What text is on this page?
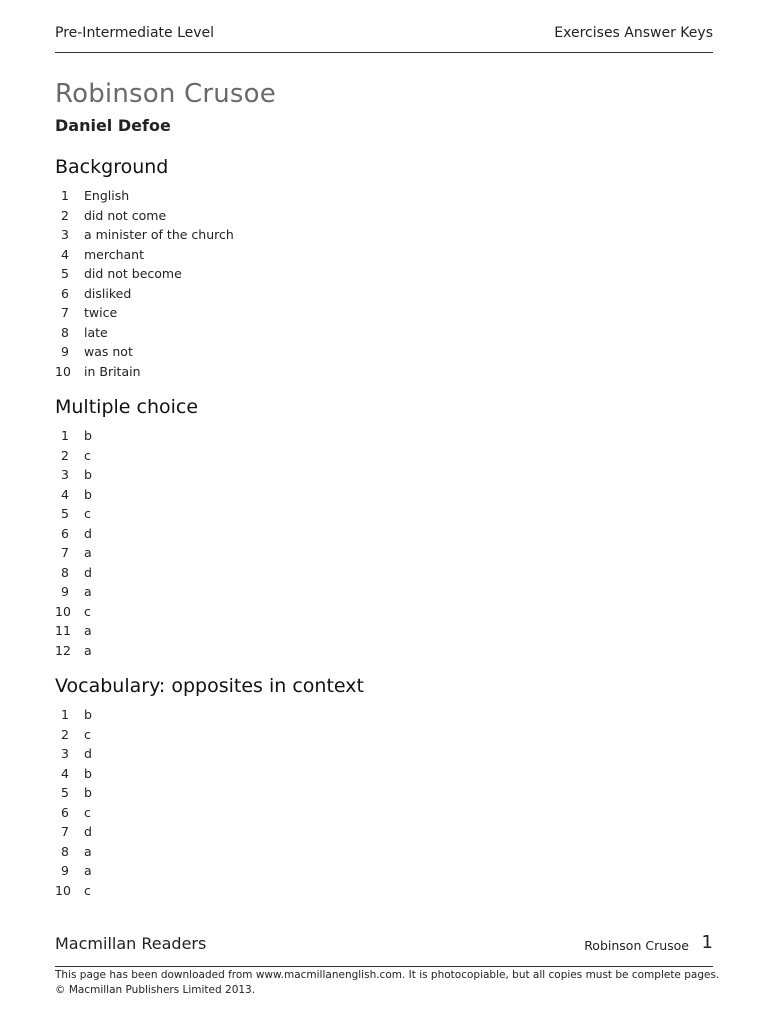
Pre-Intermediate Level	Exercises Answer Keys
Robinson Crusoe
Daniel Defoe
Background
1 English
2 did not come
3 a minister of the church
4 merchant
5 did not become
6 disliked
7 twice
8 late
9 was not
10 in Britain
Multiple choice
1 b
2 c
3 b
4 b
5 c
6 d
7 a
8 d
9 a
10 c
11 a
12 a
Vocabulary: opposites in context
1 b
2 c
3 d
4 b
5 b
6 c
7 d
8 a
9 a
10 c
Macmillan Readers	Robinson Crusoe 1
This page has been downloaded from www.macmillanenglish.com. It is photocopiable, but all copies must be complete pages.
© Macmillan Publishers Limited 2013.
